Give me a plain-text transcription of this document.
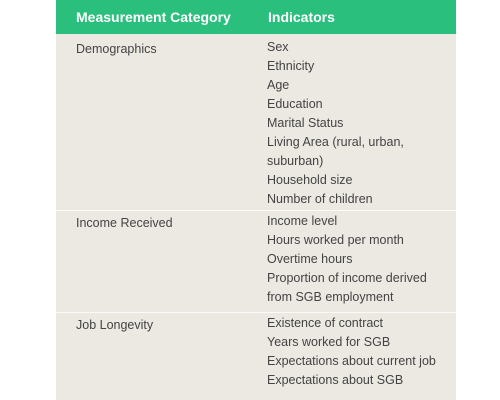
Measurement Category	Indicators
Demographics	Sex
Ethnicity
Age
Education
Marital Status
Living Area (rural, urban,
suburban)
Household size
Number of children
Income Received	Income level
Hours worked per month
Overtime hours
Proportion of income derived
from SGB employment
Job Longevity	Existence of contract
Years worked for SGB
Expectations about current job
Expectations about SGB
